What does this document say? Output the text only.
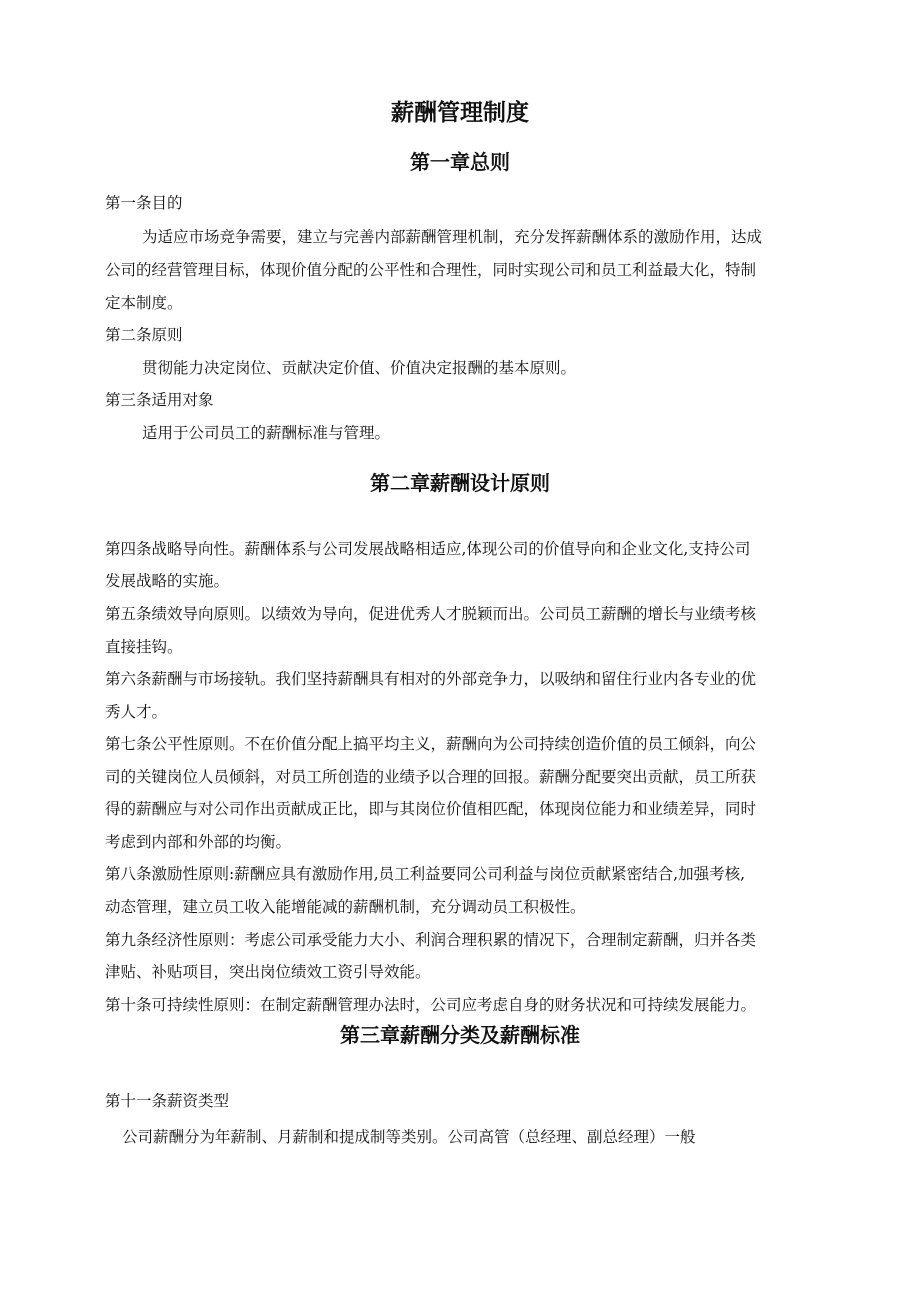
薪酬管理制度
第一章总则

第一条目的

为适应市场竞争需要，建立与完善内部薪酬管理机制，充分发挥薪酬体系的激励作用，达成

公司的经营管理目标，体现价值分配的公平性和合理性，同时实现公司和员工利益最大化，特制

定本制度。

第二条原则

贯彻能力决定岗位、贡献决定价值、价值决定报酬的基本原则。

第三条适用对象

适用于公司员工的薪酬标准与管理。

第二章薪酬设计原则

第四条战略导向性。薪酬体系与公司发展战略相适应,体现公司的价值导向和企业文化,支持公司

发展战略的实施。

第五条绩效导向原则。以绩效为导向，促进优秀人才脱颖而出。公司员工薪酬的增长与业绩考核

直接挂钩。

第六条薪酬与市场接轨。我们坚持薪酬具有相对的外部竞争力，以吸纳和留住行业内各专业的优

秀人才。

第七条公平性原则。不在价值分配上搞平均主义，薪酬向为公司持续创造价值的员工倾斜，向公

司的关键岗位人员倾斜，对员工所创造的业绩予以合理的回报。薪酬分配要突出贡献，员工所获

得的薪酬应与对公司作出贡献成正比，即与其岗位价值相匹配，体现岗位能力和业绩差异，同时

考虑到内部和外部的均衡。

第八条激励性原则:薪酬应具有激励作用,员工利益要同公司利益与岗位贡献紧密结合,加强考核,

动态管理，建立员工收入能增能减的薪酬机制，充分调动员工积极性。

第九条经济性原则：考虑公司承受能力大小、利润合理积累的情况下，合理制定薪酬，归并各类

津贴、补贴项目，突出岗位绩效工资引导效能。

第十条可持续性原则：在制定薪酬管理办法时，公司应考虑自身的财务状况和可持续发展能力。

第三章薪酬分类及薪酬标准

第十一条薪资类型

公司薪酬分为年薪制、月薪制和提成制等类别。公司高管（总经理、副总经理）一般
